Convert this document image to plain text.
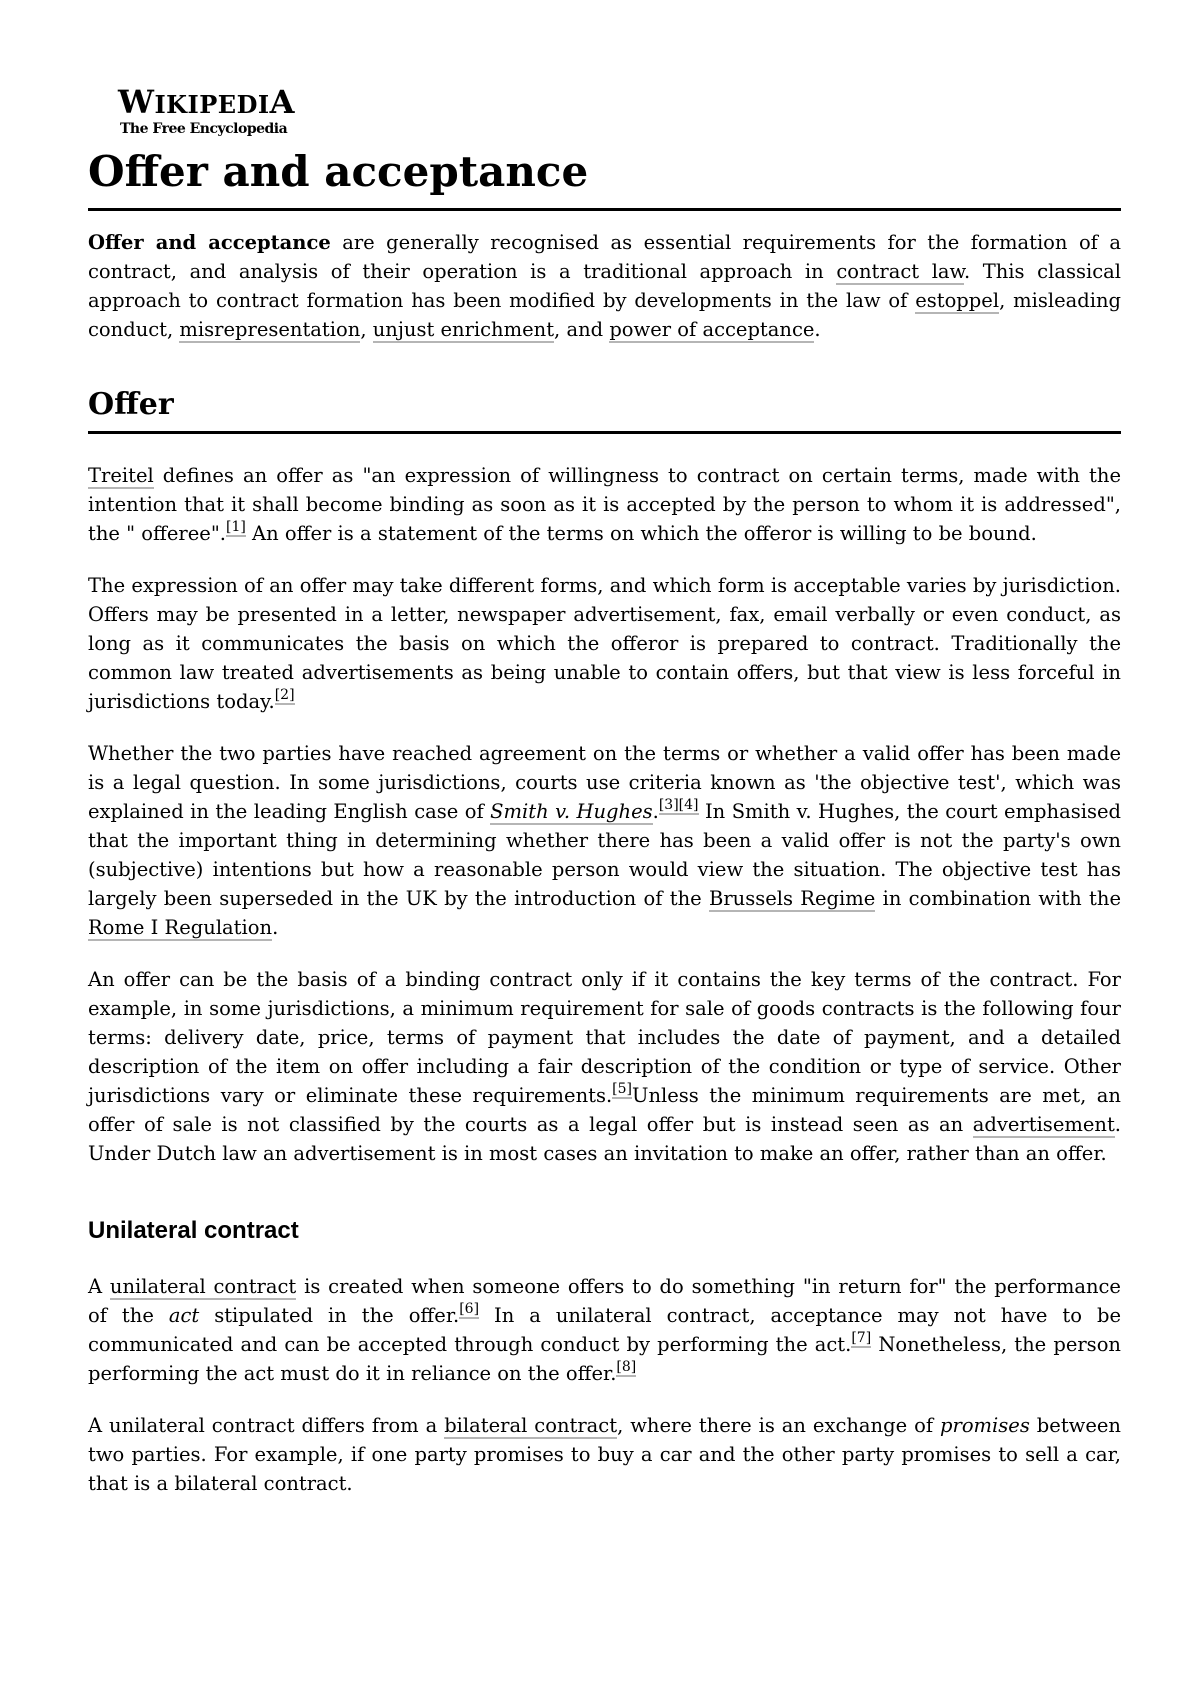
WIKIPEDIA
The Free Encyclopedia
Offer and acceptance

Offer and acceptance are generally recognised as essential requirements for the formation of a contract, and analysis of their operation is a traditional approach in contract law. This classical approach to contract formation has been modified by developments in the law of estoppel, misleading conduct, misrepresentation, unjust enrichment, and power of acceptance.

Offer

Treitel defines an offer as "an expression of willingness to contract on certain terms, made with the intention that it shall become binding as soon as it is accepted by the person to whom it is addressed", the " offeree".[1] An offer is a statement of the terms on which the offeror is willing to be bound.

The expression of an offer may take different forms, and which form is acceptable varies by jurisdiction. Offers may be presented in a letter, newspaper advertisement, fax, email verbally or even conduct, as long as it communicates the basis on which the offeror is prepared to contract. Traditionally the common law treated advertisements as being unable to contain offers, but that view is less forceful in jurisdictions today.[2]

Whether the two parties have reached agreement on the terms or whether a valid offer has been made is a legal question. In some jurisdictions, courts use criteria known as 'the objective test', which was explained in the leading English case of Smith v. Hughes.[3][4] In Smith v. Hughes, the court emphasised that the important thing in determining whether there has been a valid offer is not the party's own (subjective) intentions but how a reasonable person would view the situation. The objective test has largely been superseded in the UK by the introduction of the Brussels Regime in combination with the Rome I Regulation.

An offer can be the basis of a binding contract only if it contains the key terms of the contract. For example, in some jurisdictions, a minimum requirement for sale of goods contracts is the following four terms: delivery date, price, terms of payment that includes the date of payment, and a detailed description of the item on offer including a fair description of the condition or type of service. Other jurisdictions vary or eliminate these requirements.[5]Unless the minimum requirements are met, an offer of sale is not classified by the courts as a legal offer but is instead seen as an advertisement. Under Dutch law an advertisement is in most cases an invitation to make an offer, rather than an offer.

Unilateral contract

A unilateral contract is created when someone offers to do something "in return for" the performance of the act stipulated in the offer.[6] In a unilateral contract, acceptance may not have to be communicated and can be accepted through conduct by performing the act.[7] Nonetheless, the person performing the act must do it in reliance on the offer.[8]

A unilateral contract differs from a bilateral contract, where there is an exchange of promises between two parties. For example, if one party promises to buy a car and the other party promises to sell a car, that is a bilateral contract.
